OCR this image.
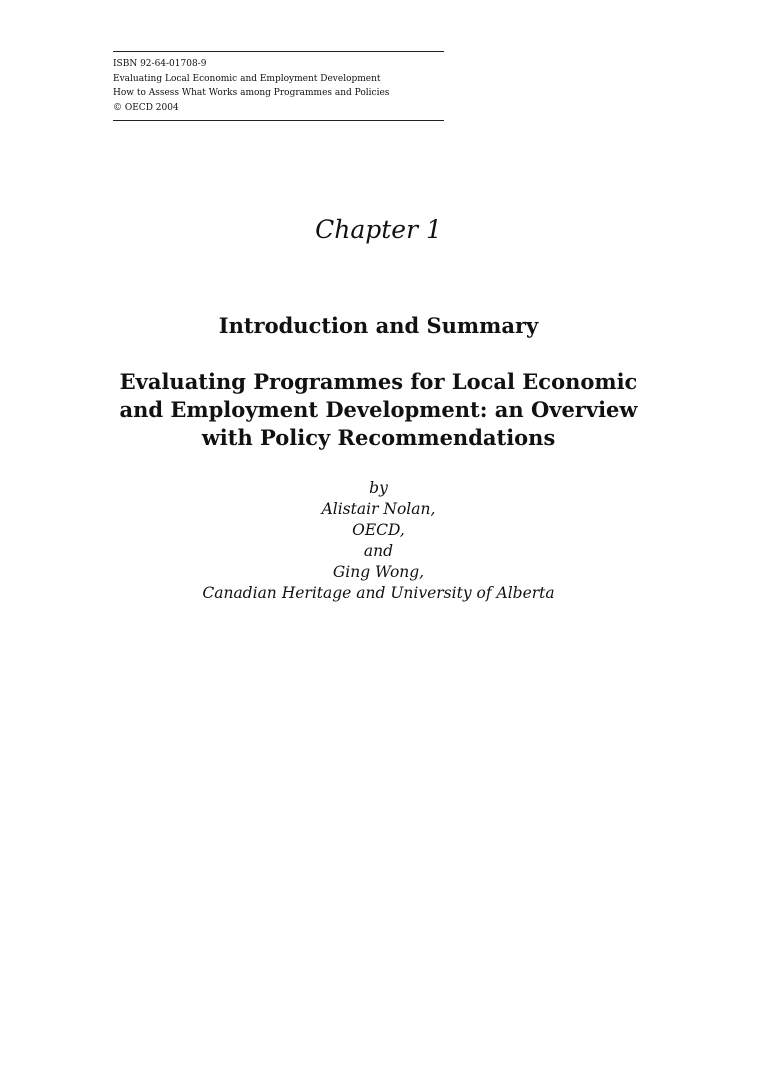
ISBN 92-64-01708-9
Evaluating Local Economic and Employment Development
How to Assess What Works among Programmes and Policies
© OECD 2004
Chapter 1
Introduction and Summary
Evaluating Programmes for Local Economic
and Employment Development: an Overview
with Policy Recommendations
by
Alistair Nolan,
OECD,
and
Ging Wong,
Canadian Heritage and University of Alberta
